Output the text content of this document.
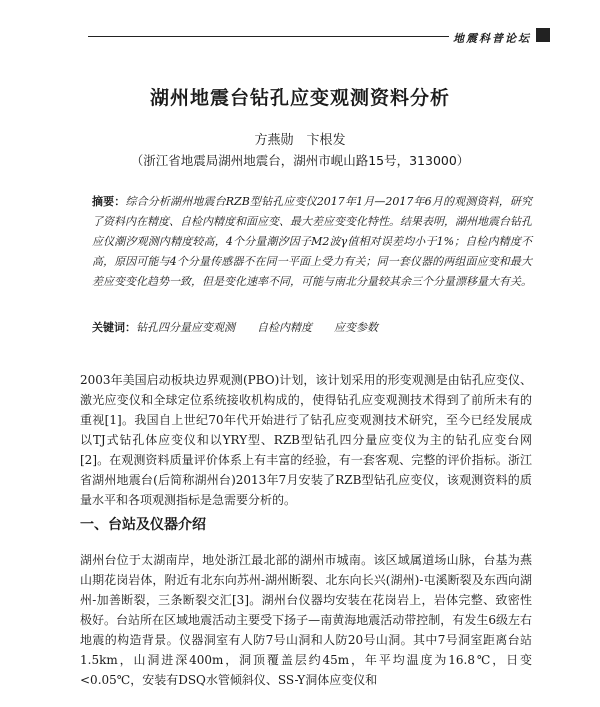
地震科普论坛
湖州地震台钻孔应变观测资料分析
方燕勋　卞根发
（浙江省地震局湖州地震台，湖州市岘山路15号，313000）
摘要：综合分析湖州地震台RZB型钻孔应变仪2017年1月—2017年6月的观测资料，研究了资料内在精度、自检内精度和面应变、最大差应变变化特性。结果表明，湖州地震台钻孔应仪潮汐观测内精度较高，4个分量潮汐因子M2波γ值相对误差均小于1%；自检内精度不高，原因可能与4个分量传感器不在同一平面上受力有关；同一套仪器的两组面应变和最大差应变变化趋势一致，但是变化速率不同，可能与南北分量较其余三个分量漂移量大有关。
关键词：钻孔四分量应变观测 自检内精度 应变参数

2003年美国启动板块边界观测(PBO)计划，该计划采用的形变观测是由钻孔应变仪、激光应变仪和全球定位系统接收机构成的，使得钻孔应变观测技术得到了前所未有的重视[1]。我国自上世纪70年代开始进行了钻孔应变观测技术研究，至今已经发展成以TJ式钻孔体应变仪和以YRY型、RZB型钻孔四分量应变仪为主的钻孔应变台网[2]。在观测资料质量评价体系上有丰富的经验，有一套客观、完整的评价指标。浙江省湖州地震台(后简称湖州台)2013年7月安装了RZB型钻孔应变仪，该观测资料的质量水平和各项观测指标是急需要分析的。

一、台站及仪器介绍

湖州台位于太湖南岸，地处浙江最北部的湖州市城南。该区域属道场山脉，台基为燕山期花岗岩体，附近有北东向苏州-湖州断裂、北东向长兴(湖州)-屯溪断裂及东西向湖州-加善断裂，三条断裂交汇[3]。湖州台仪器均安装在花岗岩上，岩体完整、致密性极好。台站所在区域地震活动主要受下扬子—南黄海地震活动带控制，有发生6级左右地震的构造背景。仪器洞室有人防7号山洞和人防20号山洞。其中7号洞室距离台站1.5km，山洞进深400m，洞顶覆盖层约45m，年平均温度为16.8℃，日变<0.05℃，安装有DSQ水管倾斜仪、SS-Y洞体应变仪和
